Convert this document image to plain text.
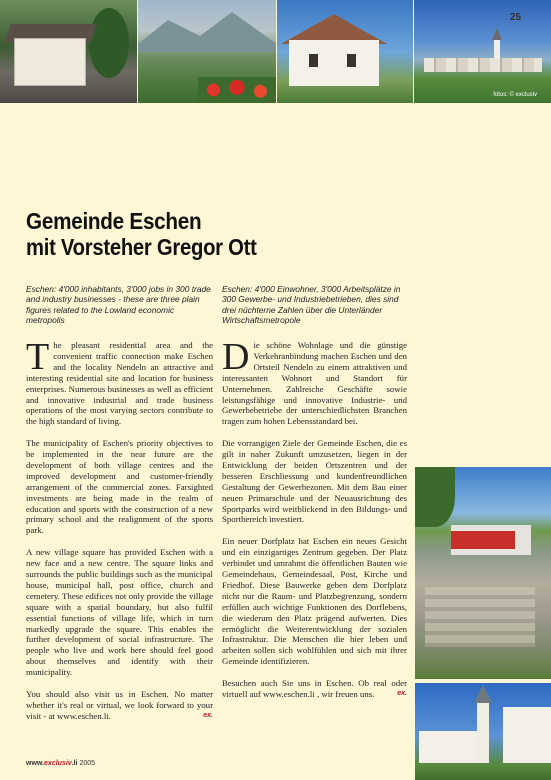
fotos: © exclusiv
25
Gemeinde Eschen
mit Vorsteher Gregor Ott
Eschen: 4'000 inhabitants, 3'000 jobs in 300 trade and industry businesses - these are three plain figures related to the Lowland economic metropolis
Eschen: 4'000 Einwohner, 3'000 Arbeitsplätze in 300 Gewerbe- und Industriebetrieben, dies sind drei nüchterne Zahlen über die Unterländer Wirtschaftsmetropole

The pleasant residential area and the convenient traffic connection make Eschen and the locality Nendeln an attractive and interesting residential site and location for business enterprises. Numerous businesses as well as efficient and innovative industrial and trade business operations of the most varying sectors contribute to the high standard of living.

The municipality of Eschen's priority objectives to be implemented in the near future are the development of both village centres and the improved development and customer-friendly arrangement of the commercial zones. Farsighted investments are being made in the realm of education and sports with the construction of a new primary school and the realignment of the sports park.

A new village square has provided Eschen with a new face and a new centre. The square links and surrounds the public buildings such as the municipal house, municipal hall, post office, church and cemetery. These edifices not only provide the village square with a spatial boundary, but also fulfil essential functions of village life, which in turn markedly upgrade the square. This enables the further development of social infrastructure. The people who live and work here should feel good about themselves and identify with their municipality.

You should also visit us in Eschen. No matter whether it's real or virtual, we look forward to your visit - at www.eschen.li.	ex.

Die schöne Wohnlage und die günstige Verkehranbindung machen Eschen und den Ortsteil Nendeln zu einem attraktiven und interessanten Wohnort und Standort für Unternehmen. Zahlreiche Geschäfte sowie leistungsfähige und innovative Industrie- und Gewerbebetriebe der unterschiedlichsten Branchen tragen zum hohen Lebensstandard bei.

Die vorrangigen Ziele der Gemeinde Eschen, die es gilt in naher Zukunft umzusetzen, liegen in der Entwicklung der beiden Ortszentren und der besseren Erschliessung und kundenfreundlichen Gestaltung der Gewerbezonen. Mit dem Bau einer neuen Primarschule und der Neuausrichtung des Sportparks wird weitblickend in den Bildungs- und Sportbereich investiert.

Ein neuer Dorfplatz hat Eschen ein neues Gesicht und ein einzigartiges Zentrum gegeben. Der Platz verbindet und umrahmt die öffentlichen Bauten wie Gemeindehaus, Gemeindesaal, Post, Kirche und Friedhof. Diese Bauwerke geben dem Dorfplatz nicht nur die Raum- und Platzbegrenzung, sondern erfüllen auch wichtige Funktionen des Dorflebens, die wiederum den Platz prägend aufwerten. Dies ermöglicht die Weiterentwicklung der sozialen Infrastruktur. Die Menschen die hier leben und arbeiten sollen sich wohlfühlen und sich mit ihrer Gemeinde identifizieren.

Besuchen auch Sie uns in Eschen. Ob real oder virtuell auf www.eschen.li , wir freuen uns.	ex.

www.exclusiv.li 2005
